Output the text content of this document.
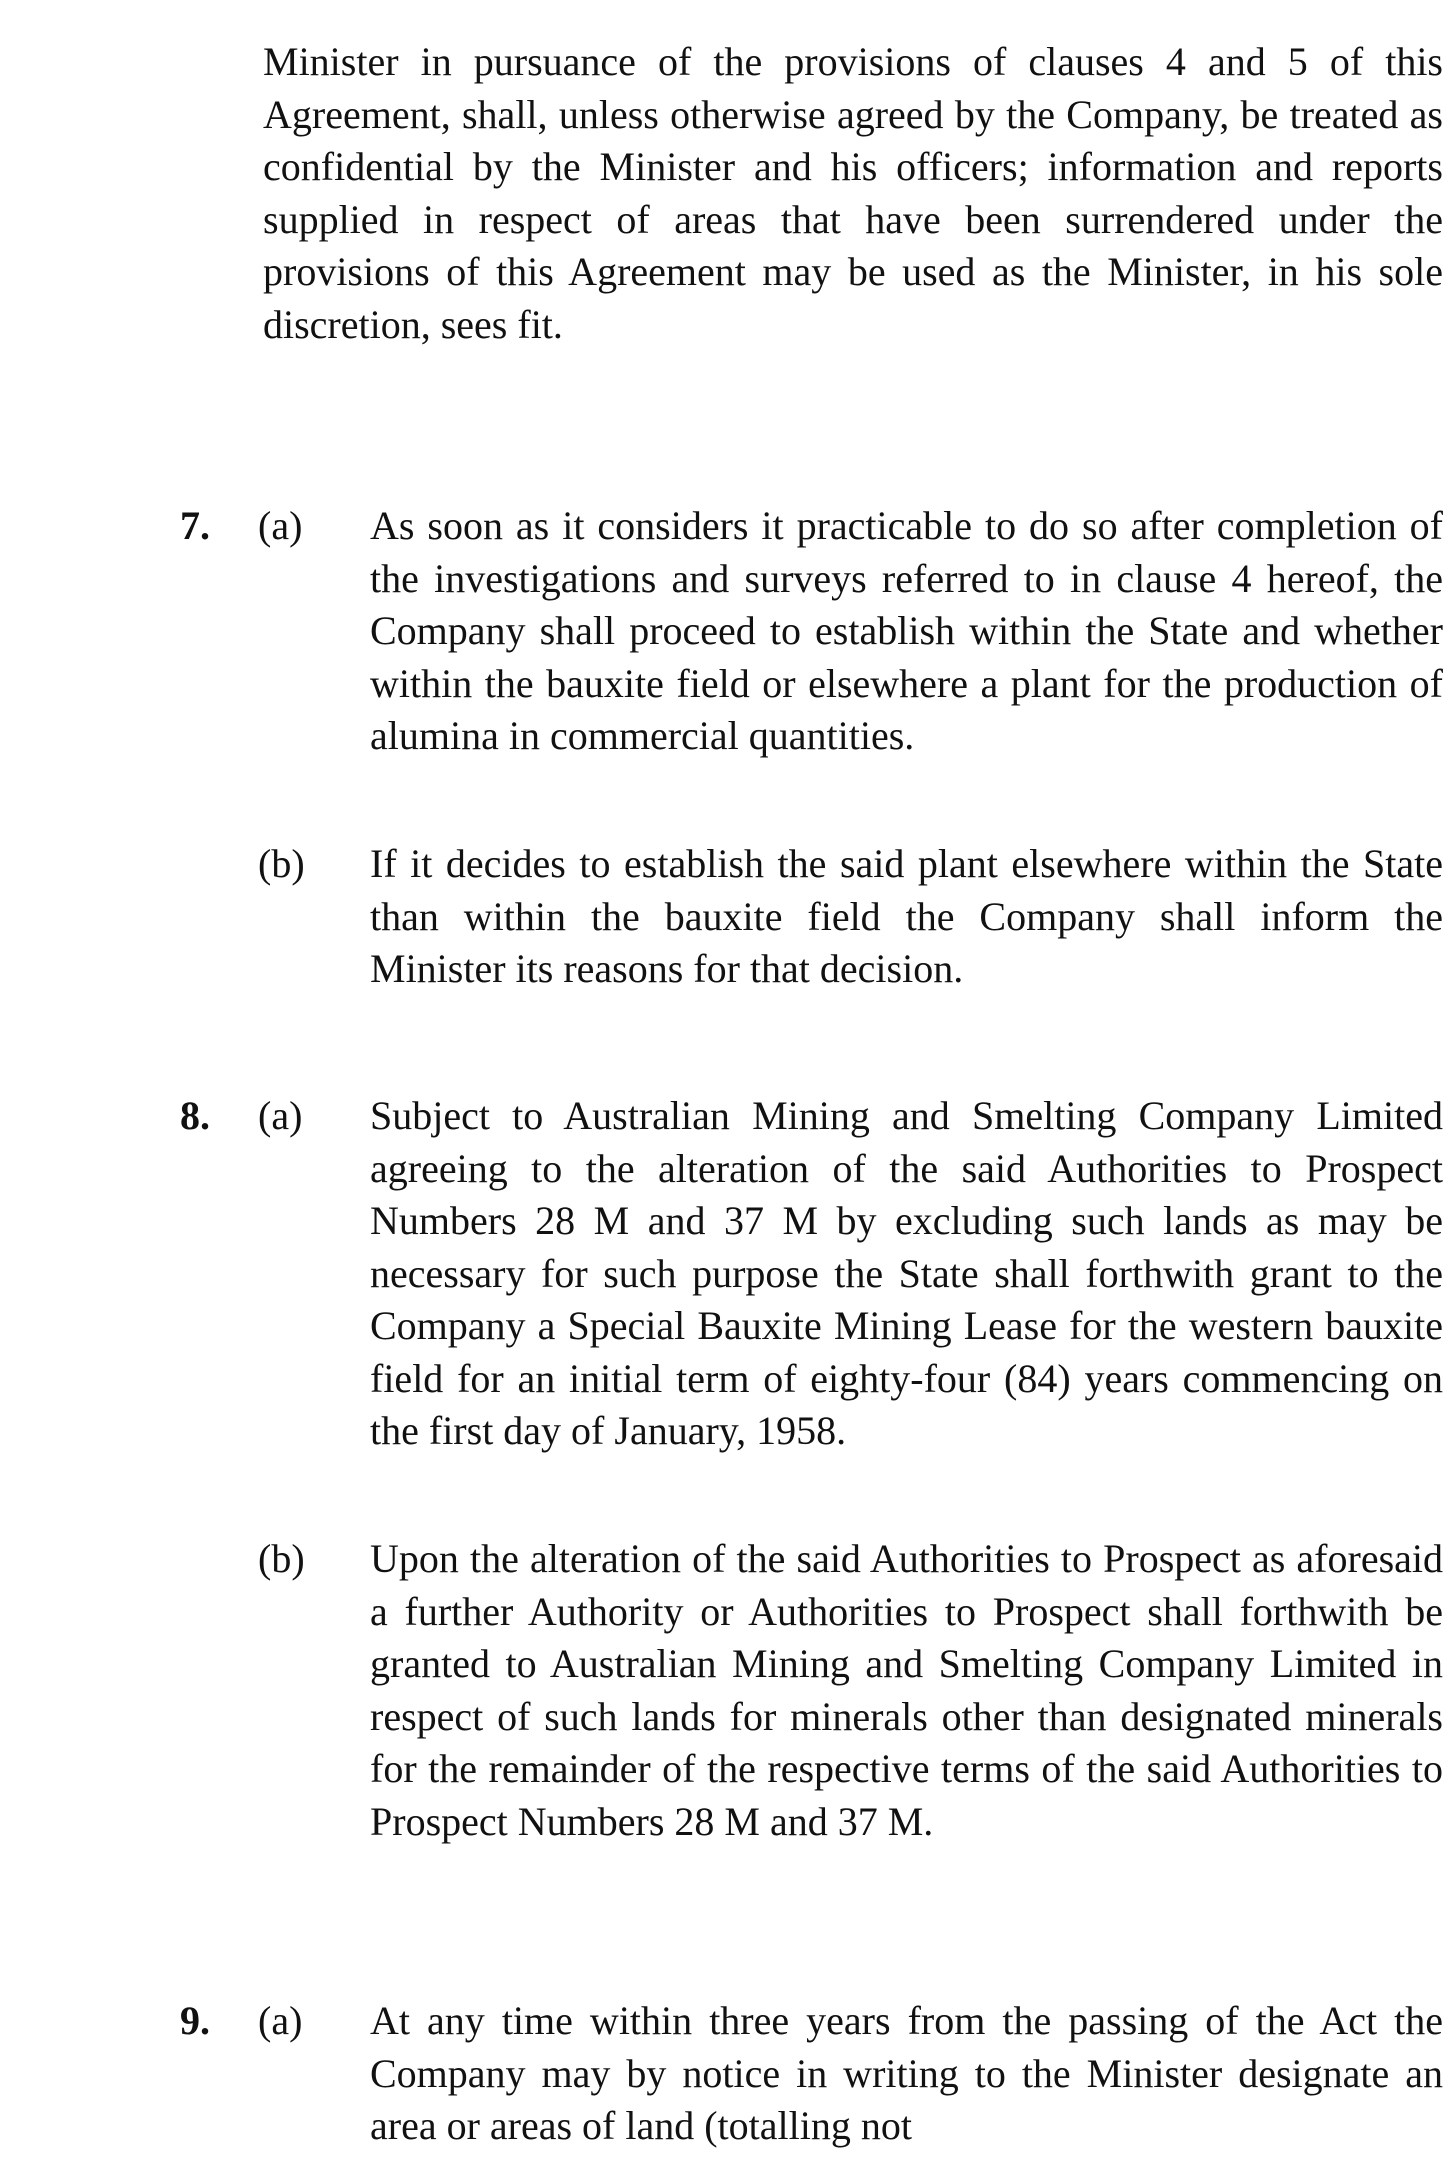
Minister in pursuance of the provisions of clauses 4 and 5 of this Agreement, shall, unless otherwise agreed by the Company, be treated as confidential by the Minister and his officers; information and reports supplied in respect of areas that have been surrendered under the provisions of this Agreement may be used as the Minister, in his sole discretion, sees fit.

7. (a) As soon as it considers it practicable to do so after completion of the investigations and surveys referred to in clause 4 hereof, the Company shall proceed to establish within the State and whether within the bauxite field or elsewhere a plant for the production of alumina in commercial quantities.

(b) If it decides to establish the said plant elsewhere within the State than within the bauxite field the Company shall inform the Minister its reasons for that decision.

8. (a) Subject to Australian Mining and Smelting Company Limited agreeing to the alteration of the said Authorities to Prospect Numbers 28 M and 37 M by excluding such lands as may be necessary for such purpose the State shall forthwith grant to the Company a Special Bauxite Mining Lease for the western bauxite field for an initial term of eighty-four (84) years commencing on the first day of January, 1958.

(b) Upon the alteration of the said Authorities to Prospect as aforesaid a further Authority or Authorities to Prospect shall forthwith be granted to Australian Mining and Smelting Company Limited in respect of such lands for minerals other than designated minerals for the remainder of the respective terms of the said Authorities to Prospect Numbers 28 M and 37 M.

9. (a) At any time within three years from the passing of the Act the Company may by notice in writing to the Minister designate an area or areas of land (totalling not
